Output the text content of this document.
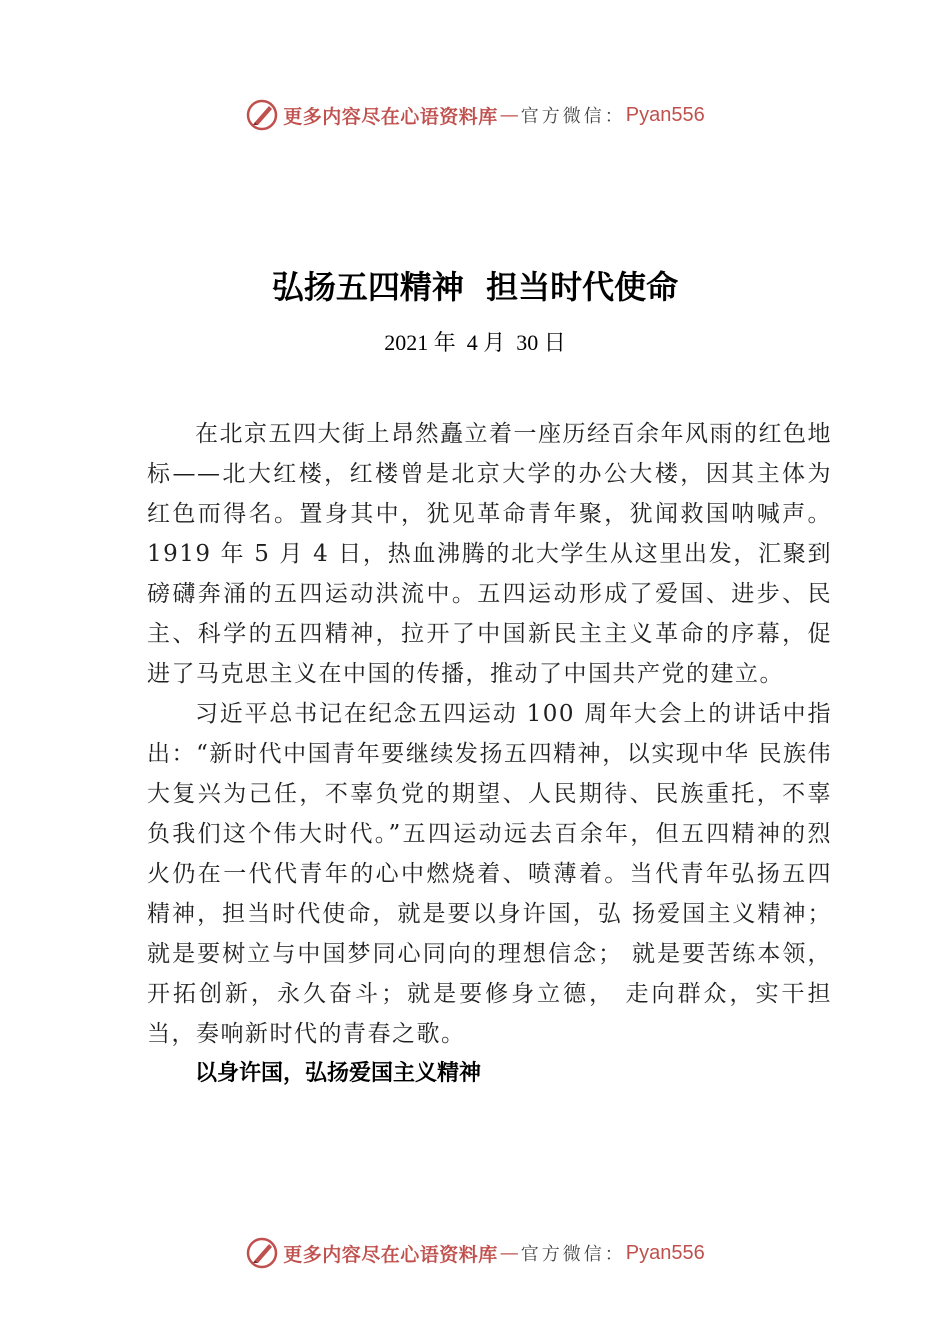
更多内容尽在心语资料库 — 官方微信： Pyan556
弘扬五四精神  担当时代使命
2021 年  4 月  30 日

在北京五四大街上昂然矗立着一座历经百余年风雨的红色地标——北大红楼，红楼曾是北京大学的办公大楼，因其主体为红色而得名。置身其中，犹见革命青年聚，犹闻救国呐喊声。1919 年 5 月 4 日，热血沸腾的北大学生从这里出发，汇聚到磅礴奔涌的五四运动洪流中。五四运动形成了爱国、进步、民主、科学的五四精神，拉开了中国新民主主义革命的序幕，促进了马克思主义在中国的传播，推动了中国共产党的建立。

习近平总书记在纪念五四运动 100 周年大会上的讲话中指出：“新时代中国青年要继续发扬五四精神，以实现中华 民族伟大复兴为己任，不辜负党的期望、人民期待、民族重托，不辜负我们这个伟大时代。”五四运动远去百余年，但五四精神的烈火仍在一代代青年的心中燃烧着、喷薄着。当代青年弘扬五四精神，担当时代使命，就是要以身许国，弘 扬爱国主义精神；就是要树立与中国梦同心同向的理想信念； 就是要苦练本领，开拓创新，永久奋斗；就是要修身立德， 走向群众，实干担当，奏响新时代的青春之歌。

以身许国，弘扬爱国主义精神

更多内容尽在心语资料库 — 官方微信： Pyan556
